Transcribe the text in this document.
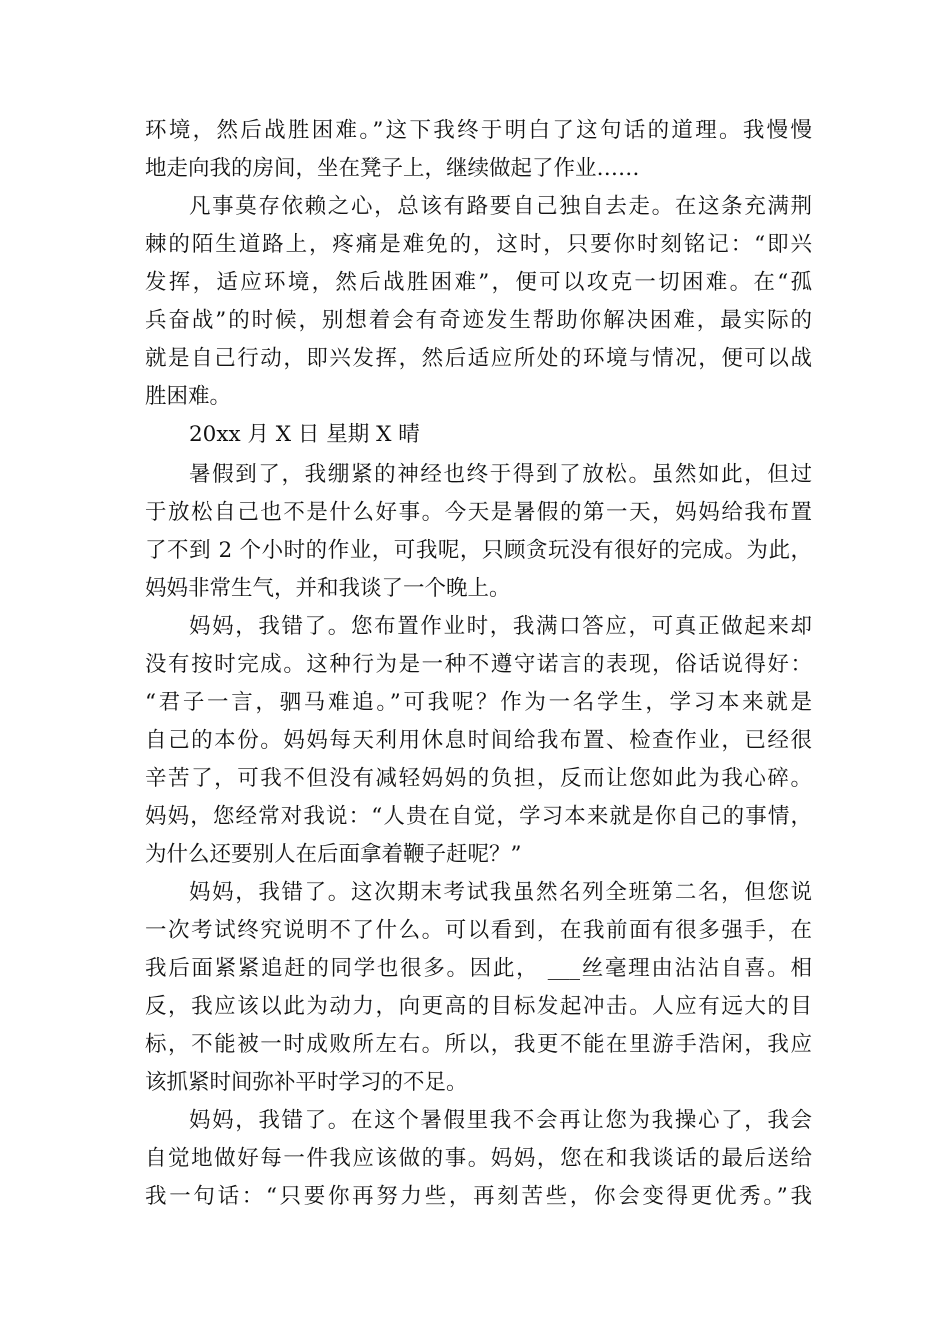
环境，然后战胜困难。”这下我终于明白了这句话的道理。我慢慢
地走向我的房间，坐在凳子上，继续做起了作业……
凡事莫存依赖之心，总该有路要自己独自去走。在这条充满荆
棘的陌生道路上，疼痛是难免的，这时，只要你时刻铭记：“即兴
发挥，适应环境，然后战胜困难”，便可以攻克一切困难。在“孤
兵奋战”的时候，别想着会有奇迹发生帮助你解决困难，最实际的
就是自己行动，即兴发挥，然后适应所处的环境与情况，便可以战
胜困难。
20xx 月 X 日 星期 X 晴
暑假到了，我绷紧的神经也终于得到了放松。虽然如此，但过
于放松自己也不是什么好事。今天是暑假的第一天，妈妈给我布置
了不到 2 个小时的作业，可我呢，只顾贪玩没有很好的完成。为此，
妈妈非常生气，并和我谈了一个晚上。
妈妈，我错了。您布置作业时，我满口答应，可真正做起来却
没有按时完成。这种行为是一种不遵守诺言的表现，俗话说得好：
“君子一言，驷马难追。”可我呢？作为一名学生，学习本来就是
自己的本份。妈妈每天利用休息时间给我布置、检查作业，已经很
辛苦了，可我不但没有减轻妈妈的负担，反而让您如此为我心碎。
妈妈，您经常对我说：“人贵在自觉，学习本来就是你自己的事情，
为什么还要别人在后面拿着鞭子赶呢？”
妈妈，我错了。这次期末考试我虽然名列全班第二名，但您说
一次考试终究说明不了什么。可以看到，在我前面有很多强手，在
我后面紧紧追赶的同学也很多。因此， ___丝毫理由沾沾自喜。相
反，我应该以此为动力，向更高的目标发起冲击。人应有远大的目
标，不能被一时成败所左右。所以，我更不能在里游手浩闲，我应
该抓紧时间弥补平时学习的不足。
妈妈，我错了。在这个暑假里我不会再让您为我操心了，我会
自觉地做好每一件我应该做的事。妈妈，您在和我谈话的最后送给
我一句话：“只要你再努力些，再刻苦些，你会变得更优秀。”我
